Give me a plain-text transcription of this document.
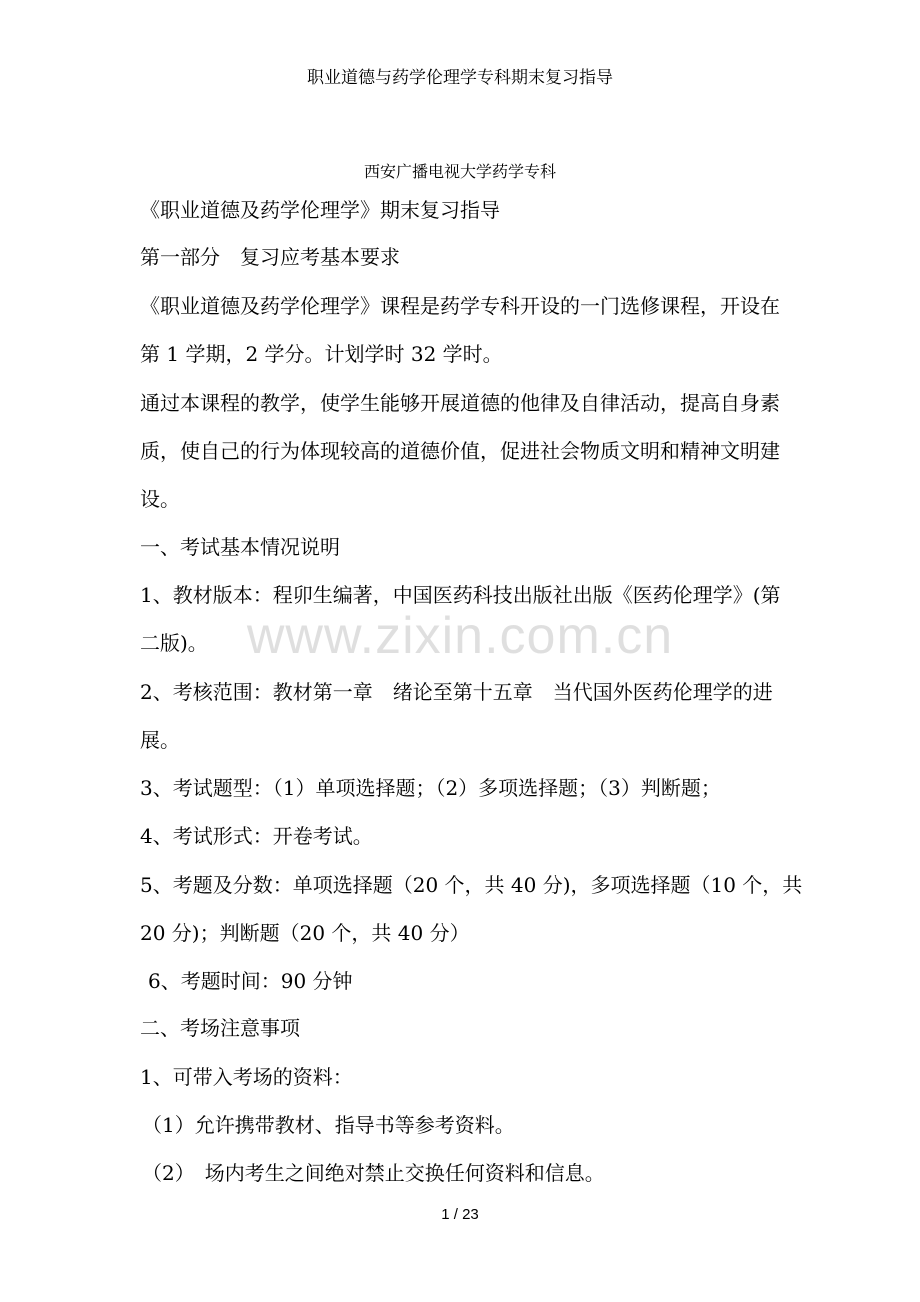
职业道德与药学伦理学专科期末复习指导
西安广播电视大学药学专科
《职业道德及药学伦理学》期末复习指导
第一部分　复习应考基本要求
《职业道德及药学伦理学》课程是药学专科开设的一门选修课程，开设在
第 1 学期，2 学分。计划学时 32 学时。
通过本课程的教学，使学生能够开展道德的他律及自律活动，提高自身素
质，使自己的行为体现较高的道德价值，促进社会物质文明和精神文明建
设。
一、考试基本情况说明
1、教材版本：程卯生编著，中国医药科技出版社出版《医药伦理学》(第
二版)。
2、考核范围：教材第一章　绪论至第十五章　当代国外医药伦理学的进
展。
3、考试题型：（1）单项选择题；（2）多项选择题；（3）判断题；
4、考试形式：开卷考试。
5、考题及分数：单项选择题（20 个，共 40 分)，多项选择题（10 个，共
20 分)；判断题（20 个，共 40 分）
6、考题时间：90 分钟
二、考场注意事项
1、可带入考场的资料：
（1）允许携带教材、指导书等参考资料。
（2）　场内考生之间绝对禁止交换任何资料和信息。
www.zixin.com.cn
1 / 23
